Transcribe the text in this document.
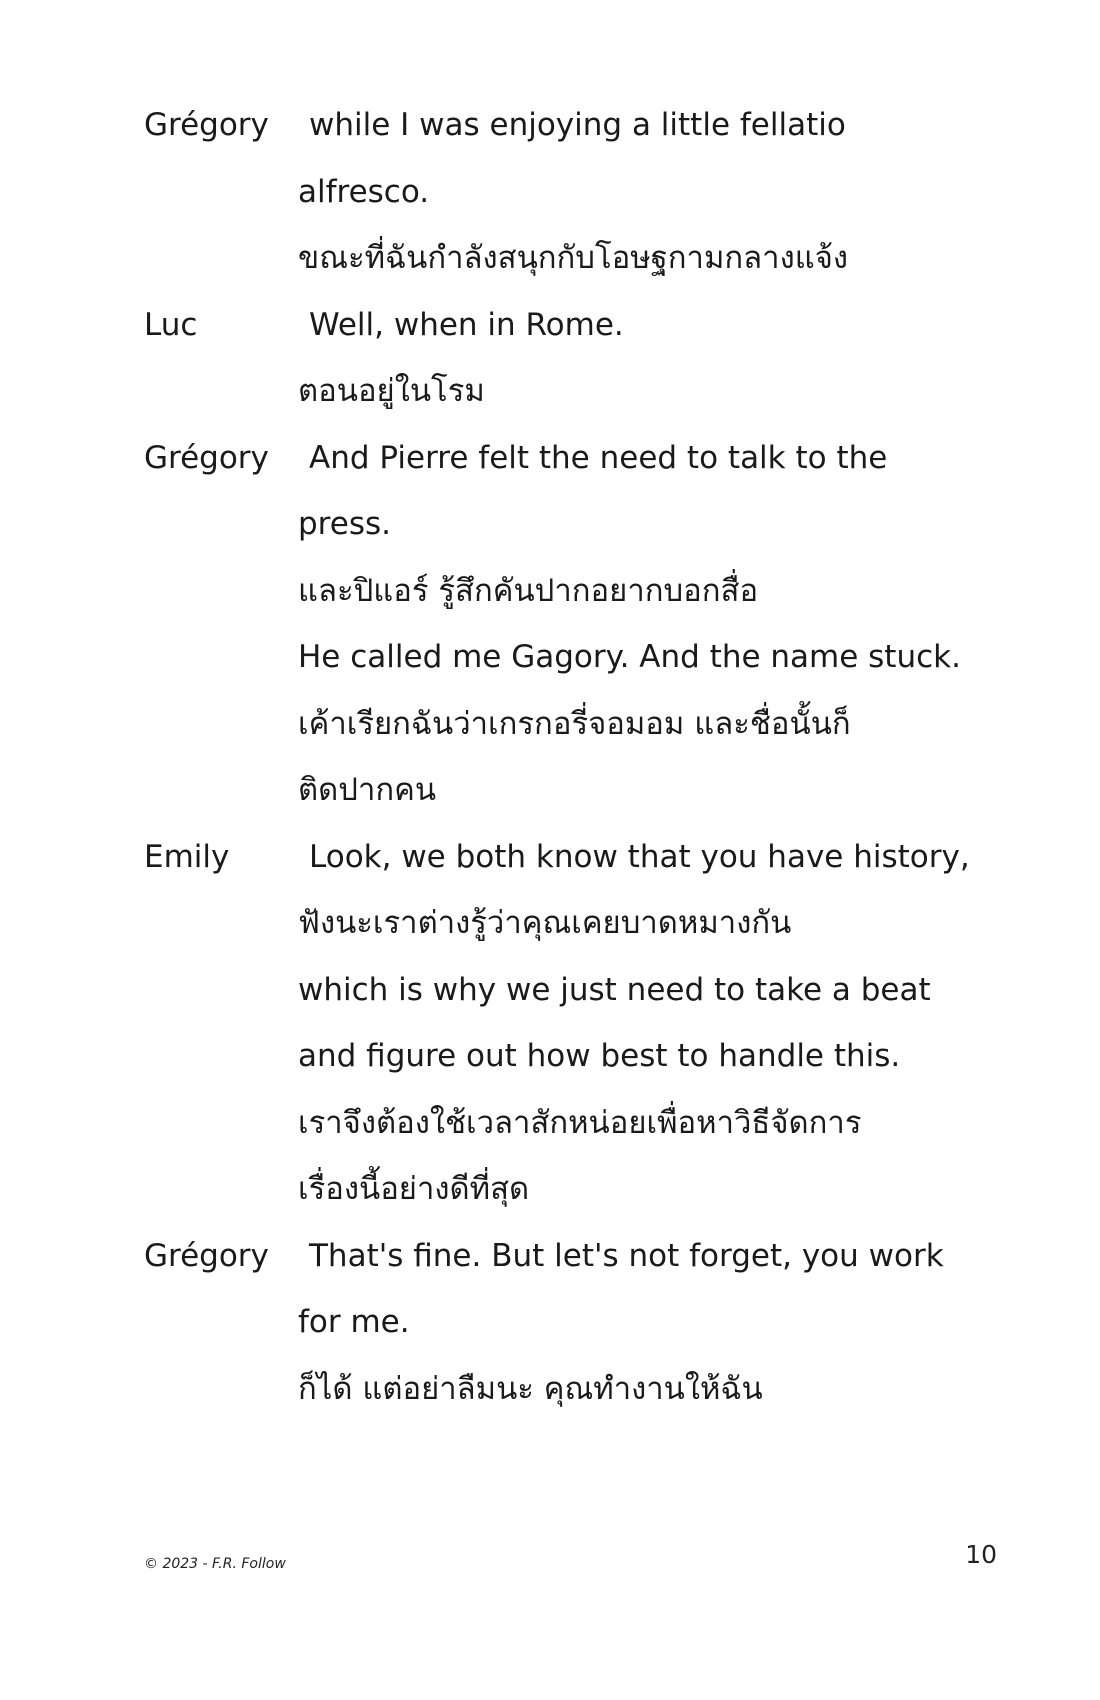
Grégory while I was enjoying a little fellatio
alfresco.
ขณะที่ฉันกำลังสนุกกับโอษฐกามกลางแจ้ง
Luc	Well, when in Rome.
ตอนอยู่ในโรม
Grégory And Pierre felt the need to talk to the
press.
และปิแอร์ รู้สึกคันปากอยากบอกสื่อ
He called me Gagory. And the name stuck.
เค้าเรียกฉันว่าเกรกอรี่จอมอม และชื่อนั้นก็
ติดปากคน
Emily	Look, we both know that you have history,
ฟังนะเราต่างรู้ว่าคุณเคยบาดหมางกัน
which is why we just need to take a beat
and figure out how best to handle this.
เราจึงต้องใช้เวลาสักหน่อยเพื่อหาวิธีจัดการ
เรื่องนี้อย่างดีที่สุด
Grégory That's fine. But let's not forget, you work
for me.
ก็ได้ แต่อย่าลืมนะ คุณทำงานให้ฉัน
© 2023 - F.R. Follow	10
